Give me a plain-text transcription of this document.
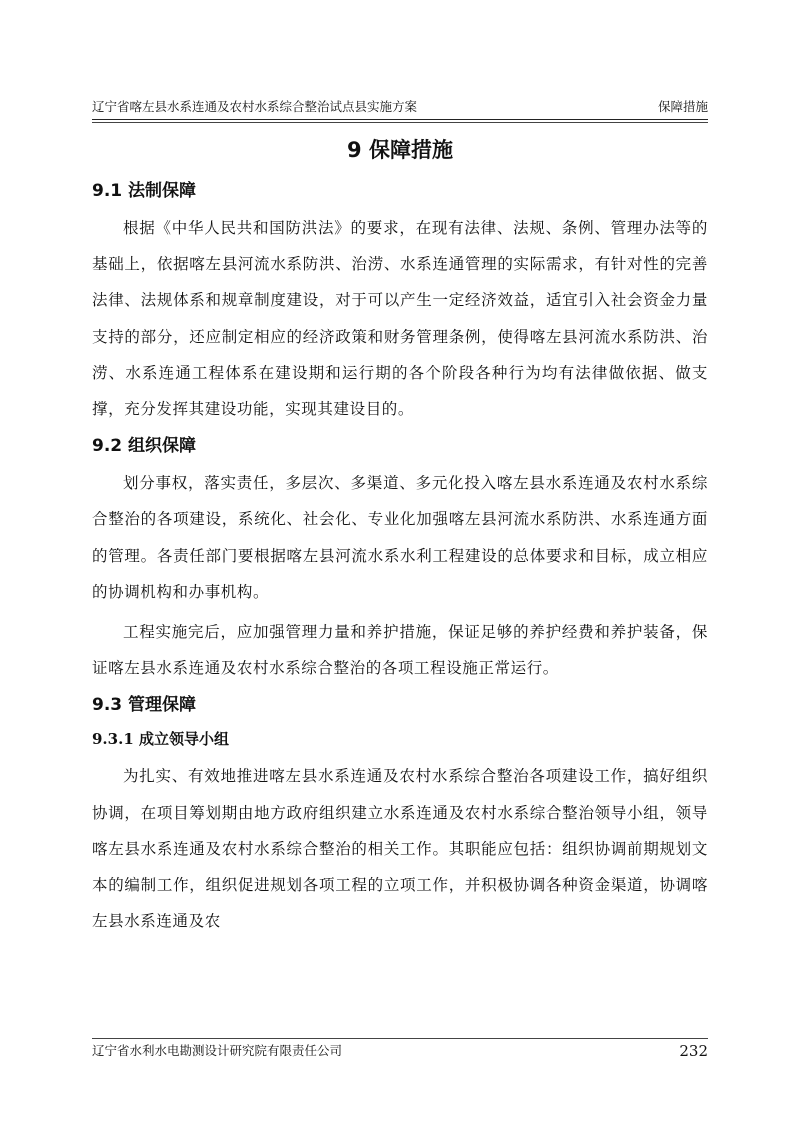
辽宁省喀左县水系连通及农村水系综合整治试点县实施方案	保障措施
9 保障措施
9.1 法制保障

根据《中华人民共和国防洪法》的要求，在现有法律、法规、条例、管理办法等的基础上，依据喀左县河流水系防洪、治涝、水系连通管理的实际需求，有针对性的完善法律、法规体系和规章制度建设，对于可以产生一定经济效益，适宜引入社会资金力量支持的部分，还应制定相应的经济政策和财务管理条例，使得喀左县河流水系防洪、治涝、水系连通工程体系在建设期和运行期的各个阶段各种行为均有法律做依据、做支撑，充分发挥其建设功能，实现其建设目的。

9.2 组织保障

划分事权，落实责任，多层次、多渠道、多元化投入喀左县水系连通及农村水系综合整治的各项建设，系统化、社会化、专业化加强喀左县河流水系防洪、水系连通方面的管理。各责任部门要根据喀左县河流水系水利工程建设的总体要求和目标，成立相应的协调机构和办事机构。

工程实施完后，应加强管理力量和养护措施，保证足够的养护经费和养护装备，保证喀左县水系连通及农村水系综合整治的各项工程设施正常运行。

9.3 管理保障
9.3.1 成立领导小组

为扎实、有效地推进喀左县水系连通及农村水系综合整治各项建设工作，搞好组织协调，在项目筹划期由地方政府组织建立水系连通及农村水系综合整治领导小组，领导喀左县水系连通及农村水系综合整治的相关工作。其职能应包括：组织协调前期规划文本的编制工作，组织促进规划各项工程的立项工作，并积极协调各种资金渠道，协调喀左县水系连通及农

辽宁省水利水电勘测设计研究院有限责任公司	232
